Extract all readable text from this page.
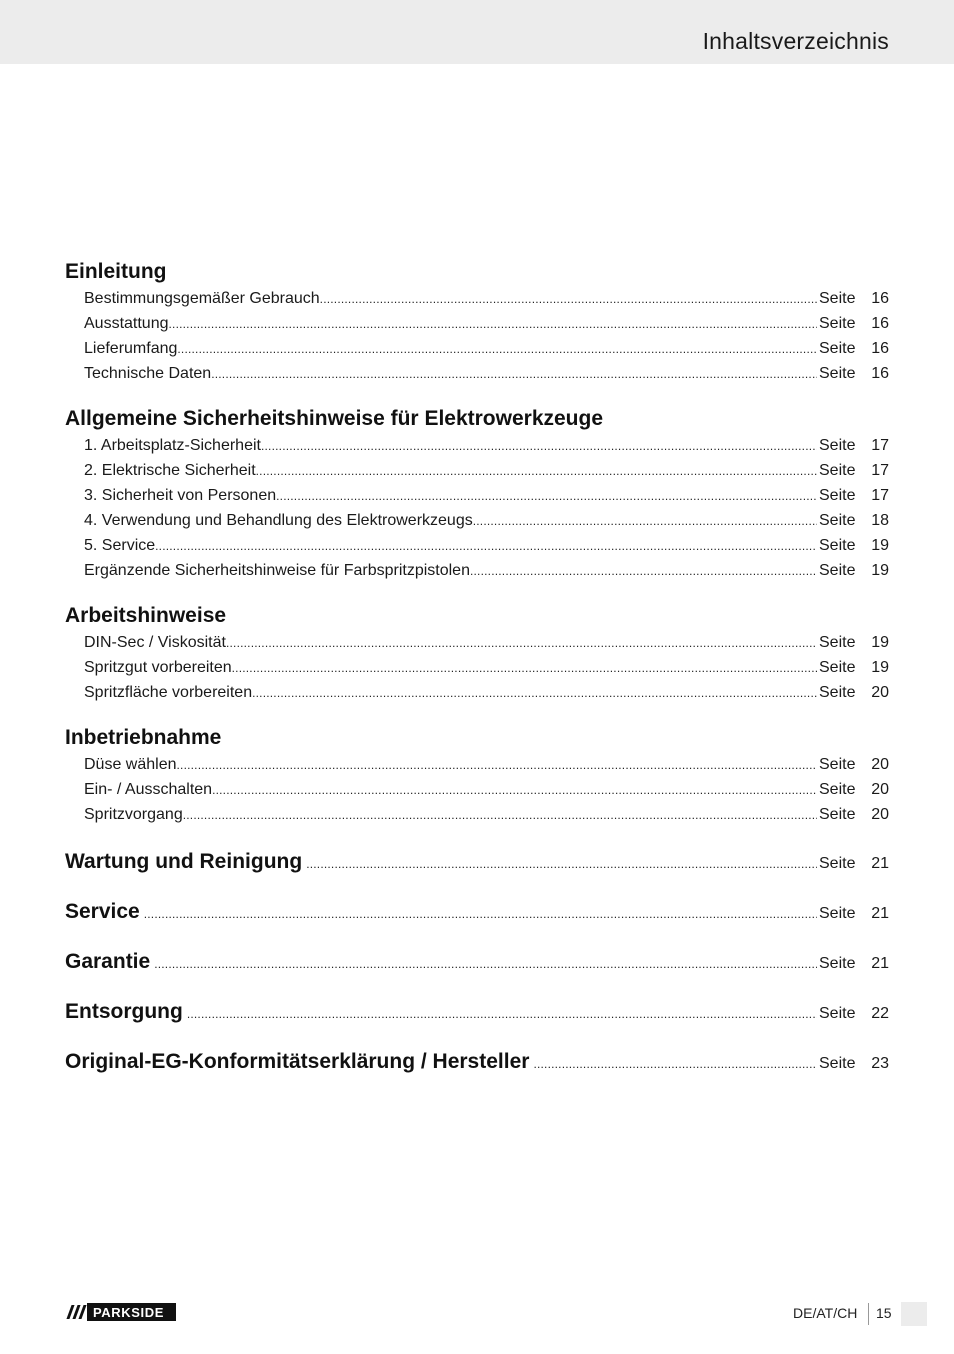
Inhaltsverzeichnis
Einleitung
Bestimmungsgemäßer Gebrauch .....	Seite 16
Ausstattung .....	Seite 16
Lieferumfang .....	Seite 16
Technische Daten .....	Seite 16
Allgemeine Sicherheitshinweise für Elektrowerkzeuge
1. Arbeitsplatz-Sicherheit .....	Seite 17
2. Elektrische Sicherheit .....	Seite 17
3. Sicherheit von Personen .....	Seite 17
4. Verwendung und Behandlung des Elektrowerkzeugs .....	Seite 18
5. Service .....	Seite 19
Ergänzende Sicherheitshinweise für Farbspritzpistolen .....	Seite 19
Arbeitshinweise
DIN-Sec / Viskosität .....	Seite 19
Spritzgut vorbereiten .....	Seite 19
Spritzfläche vorbereiten .....	Seite 20
Inbetriebnahme
Düse wählen .....	Seite 20
Ein- / Ausschalten .....	Seite 20
Spritzvorgang .....	Seite 20
Wartung und Reinigung .....	Seite 21
Service .....	Seite 21
Garantie .....	Seite 21
Entsorgung .....	Seite 22
Original-EG-Konformitätserklärung / Hersteller .....	Seite 23
PARKSIDE	DE/AT/CH 15
